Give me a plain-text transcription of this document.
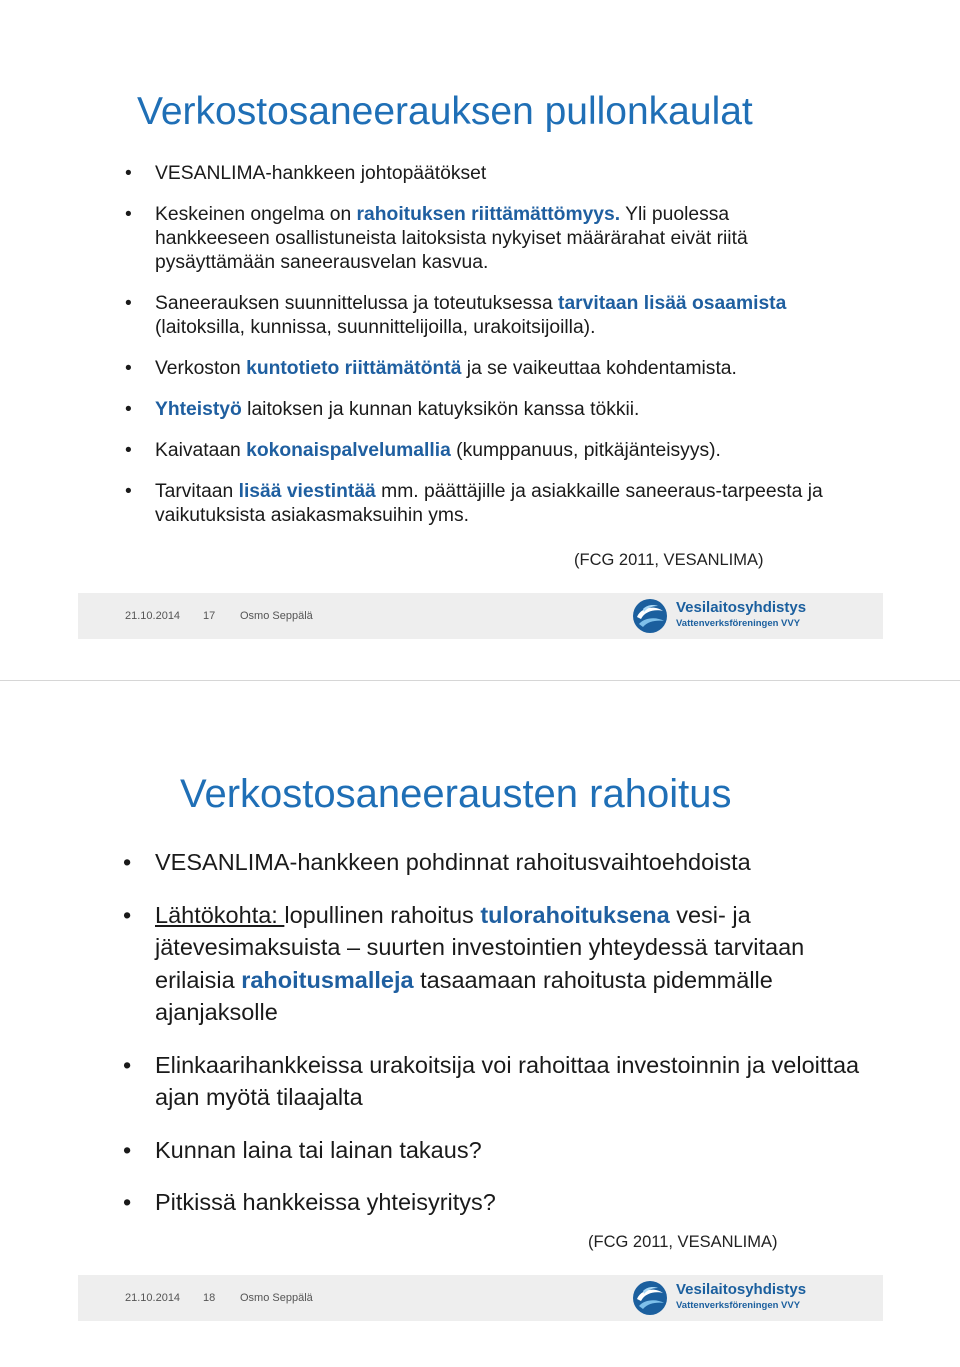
Verkostosaneerauksen pullonkaulat
• VESANLIMA-hankkeen johtopäätökset
• Keskeinen ongelma on rahoituksen riittämättömyys. Yli puolessa hankkeeseen osallistuneista laitoksista nykyiset määrärahat eivät riitä pysäyttämään saneerausvelan kasvua.
• Saneerauksen suunnittelussa ja toteutuksessa tarvitaan lisää osaamista (laitoksilla, kunnissa, suunnittelijoilla, urakoitsijoilla).
• Verkoston kuntotieto riittämätöntä ja se vaikeuttaa kohdentamista.
• Yhteistyö laitoksen ja kunnan katuyksikön kanssa tökkii.
• Kaivataan kokonaispalvelumallia (kumppanuus, pitkäjänteisyys).
• Tarvitaan lisää viestintää mm. päättäjille ja asiakkaille saneeraus-tarpeesta ja vaikutuksista asiakasmaksuihin yms.
(FCG 2011, VESANLIMA)
21.10.2014 17 Osmo Seppälä	Vesilaitosyhdistys
Vattenverksföreningen VVY
Verkostosaneerausten rahoitus
• VESANLIMA-hankkeen pohdinnat rahoitusvaihtoehdoista
• Lähtökohta: lopullinen rahoitus tulorahoituksena vesi- ja jätevesimaksuista – suurten investointien yhteydessä tarvitaan erilaisia rahoitusmalleja tasaamaan rahoitusta pidemmälle ajanjaksolle
• Elinkaarihankkeissa urakoitsija voi rahoittaa investoinnin ja veloittaa ajan myötä tilaajalta
• Kunnan laina tai lainan takaus?
• Pitkissä hankkeissa yhteisyritys?
(FCG 2011, VESANLIMA)
21.10.2014 18 Osmo Seppälä	Vesilaitosyhdistys
Vattenverksföreningen VVY
